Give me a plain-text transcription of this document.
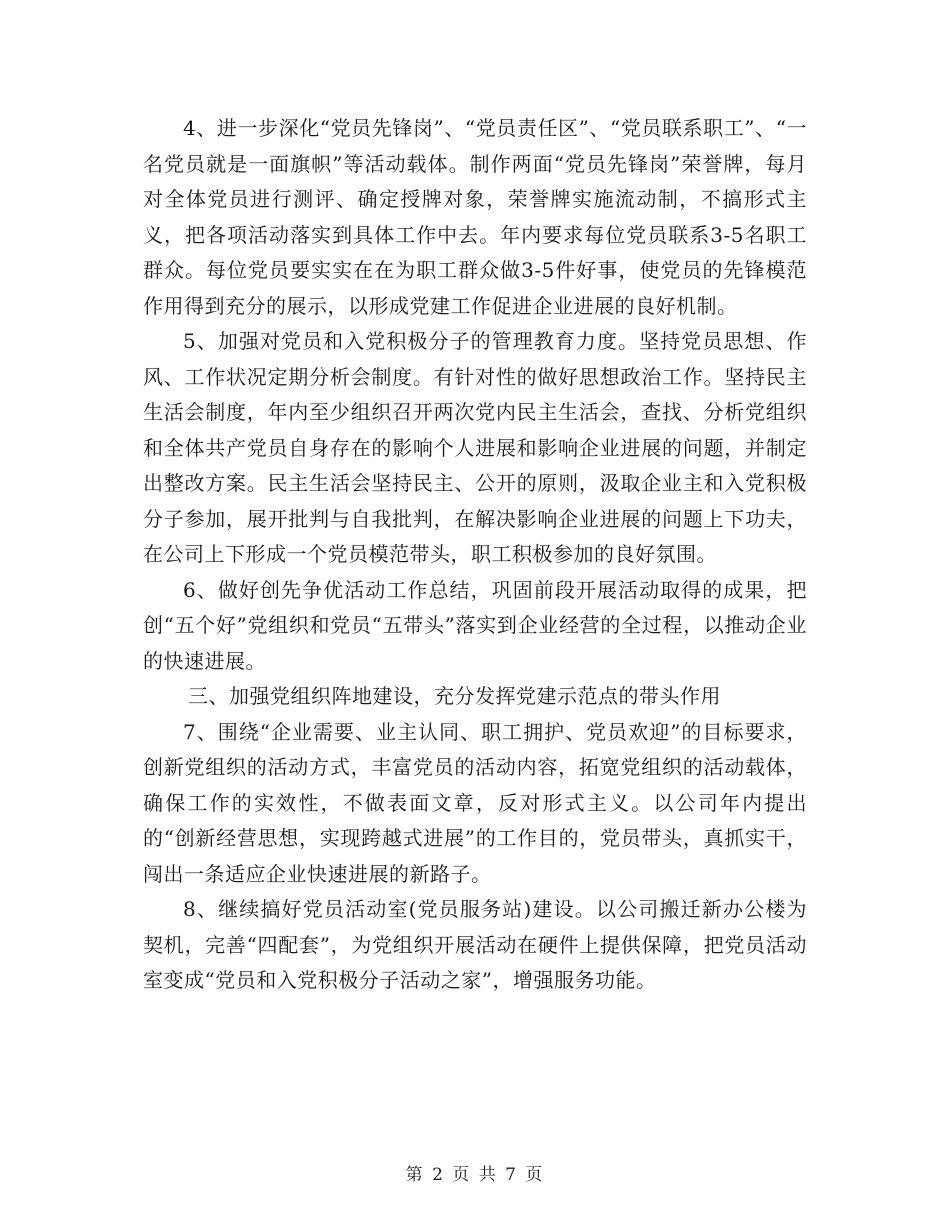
4、进一步深化“党员先锋岗”、“党员责任区”、“党员联系职工”、“一名党员就是一面旗帜”等活动载体。制作两面“党员先锋岗”荣誉牌，每月对全体党员进行测评、确定授牌对象，荣誉牌实施流动制，不搞形式主义，把各项活动落实到具体工作中去。年内要求每位党员联系3-5名职工群众。每位党员要实实在在为职工群众做3-5件好事，使党员的先锋模范作用得到充分的展示，以形成党建工作促进企业进展的良好机制。

5、加强对党员和入党积极分子的管理教育力度。坚持党员思想、作风、工作状况定期分析会制度。有针对性的做好思想政治工作。坚持民主生活会制度，年内至少组织召开两次党内民主生活会，查找、分析党组织和全体共产党员自身存在的影响个人进展和影响企业进展的问题，并制定出整改方案。民主生活会坚持民主、公开的原则，汲取企业主和入党积极分子参加，展开批判与自我批判，在解决影响企业进展的问题上下功夫，在公司上下形成一个党员模范带头，职工积极参加的良好氛围。

6、做好创先争优活动工作总结，巩固前段开展活动取得的成果，把创“五个好”党组织和党员“五带头”落实到企业经营的全过程，以推动企业的快速进展。

三、加强党组织阵地建设，充分发挥党建示范点的带头作用

7、围绕“企业需要、业主认同、职工拥护、党员欢迎”的目标要求，创新党组织的活动方式，丰富党员的活动内容，拓宽党组织的活动载体，确保工作的实效性，不做表面文章，反对形式主义。以公司年内提出的“创新经营思想，实现跨越式进展”的工作目的，党员带头，真抓实干，闯出一条适应企业快速进展的新路子。

8、继续搞好党员活动室(党员服务站)建设。以公司搬迁新办公楼为契机，完善“四配套”，为党组织开展活动在硬件上提供保障，把党员活动室变成“党员和入党积极分子活动之家”，增强服务功能。

第 2 页 共 7 页
